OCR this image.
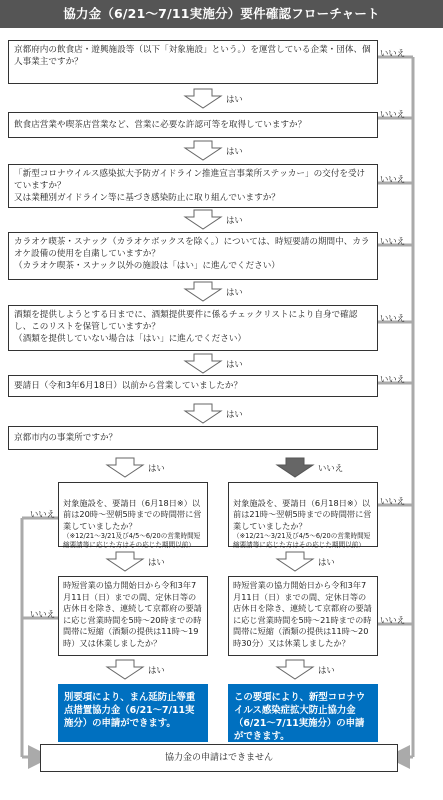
協力金（6/21～7/11実施分）要件確認フローチャート
京都府内の飲食店・遊興施設等（以下「対象施設」という。）を運営している企業・団体、個人事業主ですか？
飲食店営業や喫茶店営業など、営業に必要な許認可等を取得していますか？
「新型コロナウイルス感染拡大予防ガイドライン推進宣言事業所ステッカー」の交付を受けていますか？
又は業種別ガイドライン等に基づき感染防止に取り組んでいますか？
カラオケ喫茶・スナック（カラオケボックスを除く。）については、時短要請の期間中、カラオケ設備の使用を自粛していますか？
（カラオケ喫茶・スナック以外の施設は「はい」に進んでください）
酒類を提供しようとする日までに、酒類提供要件に係るチェックリストにより自身で確認し、このリストを保管していますか？
（酒類を提供していない場合は「はい」に進んでください）
要請日（令和3年6月18日）以前から営業していましたか？
京都市内の事業所ですか？

対象施設を、要請日（6月18日※）以前は20時～翌朝5時までの時間帯に営業していましたか？

（※12/21～3/21及び4/5～6/20の営業時間短縮要請等に応じた方はその応じた期間以前）

対象施設を、要請日（6月18日※）以前は21時～翌朝5時までの時間帯に営業していましたか？

（※12/21～3/21及び4/5～6/20の営業時間短縮要請等に応じた方はその応じた期間以前）

時短営業の協力開始日から令和3年7月11日（日）までの間、定休日等の店休日を除き、連続して京都府の要請に応じ営業時間を5時～20時までの時間帯に短縮（酒類の提供は11時～19時）又は休業しましたか？
時短営業の協力開始日から令和3年7月11日（日）までの間、定休日等の店休日を除き、連続して京都府の要請に応じ営業時間を5時～21時までの時間帯に短縮（酒類の提供は11時～20時30分）又は休業しましたか？
別要項により、まん延防止等重点措置協力金（6/21～7/11実施分）の申請ができます。
この要項により、新型コロナウイルス感染症拡大防止協力金（6/21～7/11実施分）の申請ができます。
協力金の申請はできません
はい
はい
はい
はい
はい
はい
はい
はい
はい
はい
はい
いいえ
いいえ
いいえ
いいえ
いいえ
いいえ
いいえ
いいえ
いいえ
いいえ
いいえ
